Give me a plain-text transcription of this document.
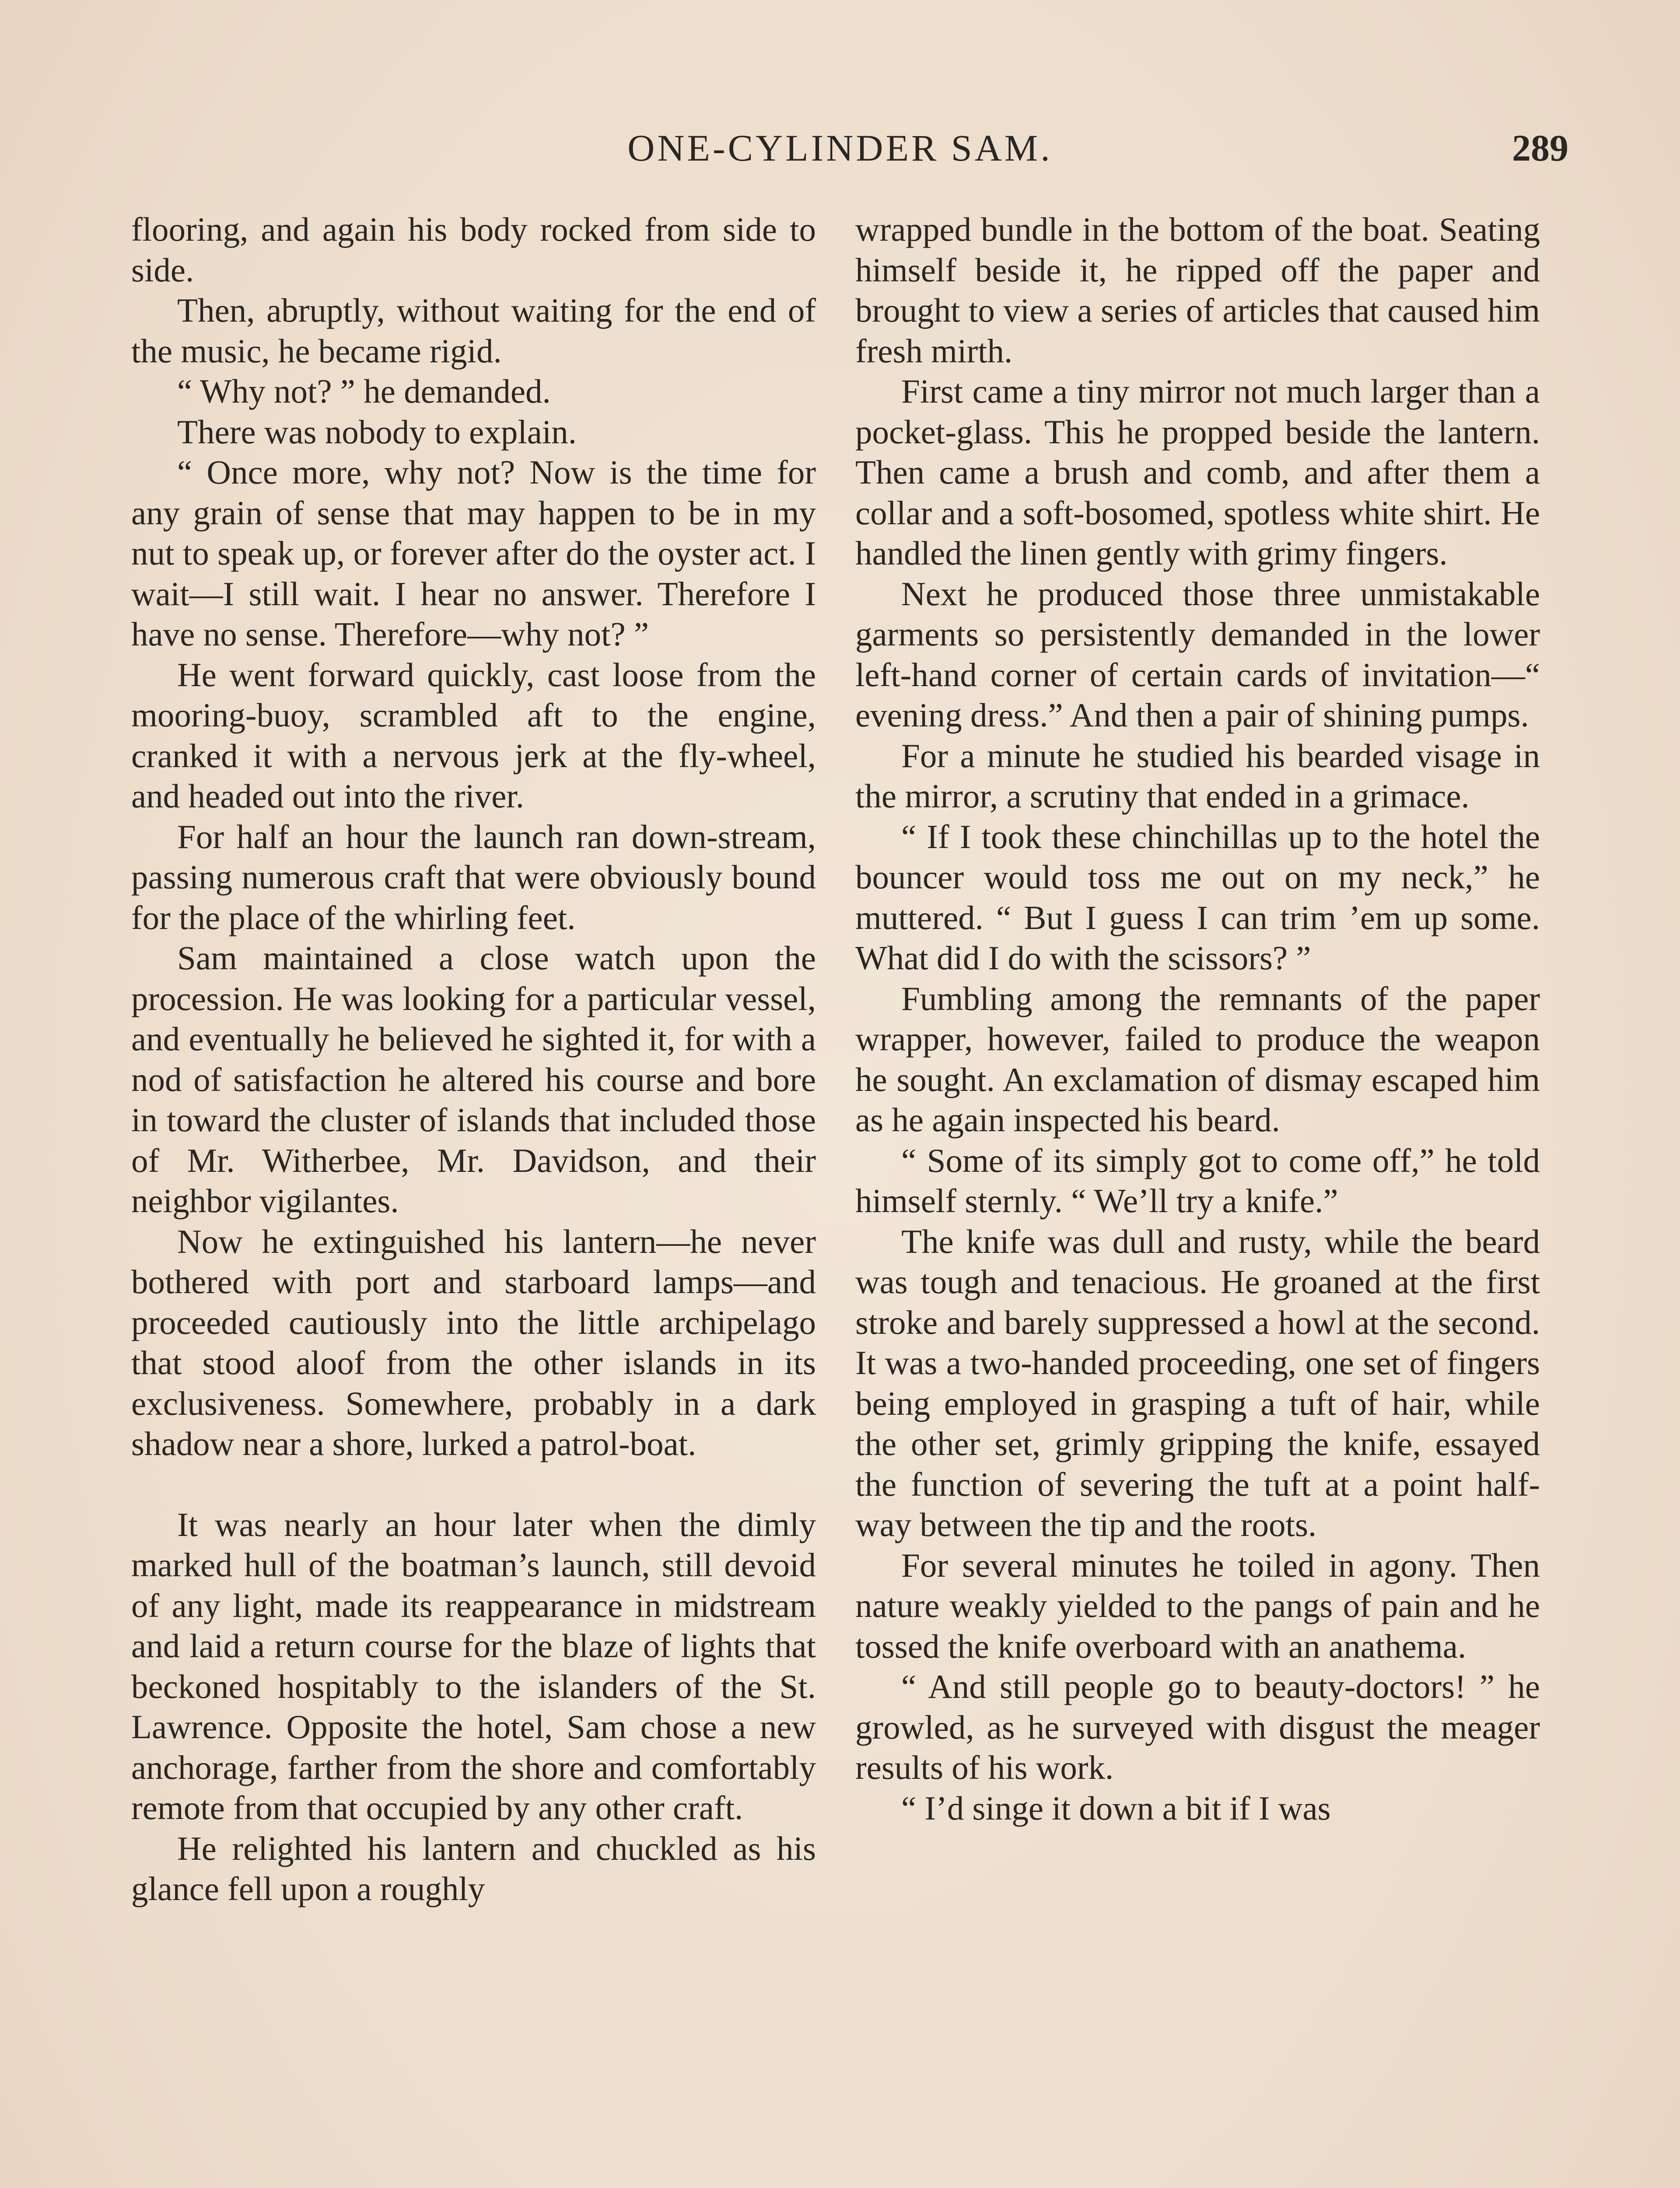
ONE-CYLINDER SAM.	289

flooring, and again his body rocked from side to side.

Then, abruptly, without waiting for the end of the music, he became rigid.

“ Why not? ” he demanded.

There was nobody to explain.

“ Once more, why not? Now is the time for any grain of sense that may happen to be in my nut to speak up, or forever after do the oyster act. I wait—I still wait. I hear no answer. Therefore I have no sense. Therefore—why not? ”

He went forward quickly, cast loose from the mooring-buoy, scrambled aft to the engine, cranked it with a nervous jerk at the fly-wheel, and headed out into the river.

For half an hour the launch ran down-stream, passing numerous craft that were obviously bound for the place of the whirling feet.

Sam maintained a close watch upon the procession. He was looking for a particular vessel, and eventually he believed he sighted it, for with a nod of satisfaction he altered his course and bore in toward the cluster of islands that included those of Mr. Witherbee, Mr. Davidson, and their neighbor vigilantes.

Now he extinguished his lantern—he never bothered with port and starboard lamps—and proceeded cautiously into the little archipelago that stood aloof from the other islands in its exclusiveness. Somewhere, probably in a dark shadow near a shore, lurked a patrol-boat.

It was nearly an hour later when the dimly marked hull of the boatman’s launch, still devoid of any light, made its reappearance in midstream and laid a return course for the blaze of lights that beckoned hospitably to the islanders of the St. Lawrence. Opposite the hotel, Sam chose a new anchorage, farther from the shore and comfortably remote from that occupied by any other craft.

He relighted his lantern and chuckled as his glance fell upon a roughly

wrapped bundle in the bottom of the boat. Seating himself beside it, he ripped off the paper and brought to view a series of articles that caused him fresh mirth.

First came a tiny mirror not much larger than a pocket-glass. This he propped beside the lantern. Then came a brush and comb, and after them a collar and a soft-bosomed, spotless white shirt. He handled the linen gently with grimy fingers.

Next he produced those three unmistakable garments so persistently demanded in the lower left-hand corner of certain cards of invitation—“ evening dress.” And then a pair of shining pumps.

For a minute he studied his bearded visage in the mirror, a scrutiny that ended in a grimace.

“ If I took these chinchillas up to the hotel the bouncer would toss me out on my neck,” he muttered. “ But I guess I can trim ’em up some. What did I do with the scissors? ”

Fumbling among the remnants of the paper wrapper, however, failed to produce the weapon he sought. An exclamation of dismay escaped him as he again inspected his beard.

“ Some of its simply got to come off,” he told himself sternly. “ We’ll try a knife.”

The knife was dull and rusty, while the beard was tough and tenacious. He groaned at the first stroke and barely suppressed a howl at the second. It was a two-handed proceeding, one set of fingers being employed in grasping a tuft of hair, while the other set, grimly gripping the knife, essayed the function of severing the tuft at a point half-way between the tip and the roots.

For several minutes he toiled in agony. Then nature weakly yielded to the pangs of pain and he tossed the knife overboard with an anathema.

“ And still people go to beauty-doctors! ” he growled, as he surveyed with disgust the meager results of his work.

“ I’d singe it down a bit if I was
